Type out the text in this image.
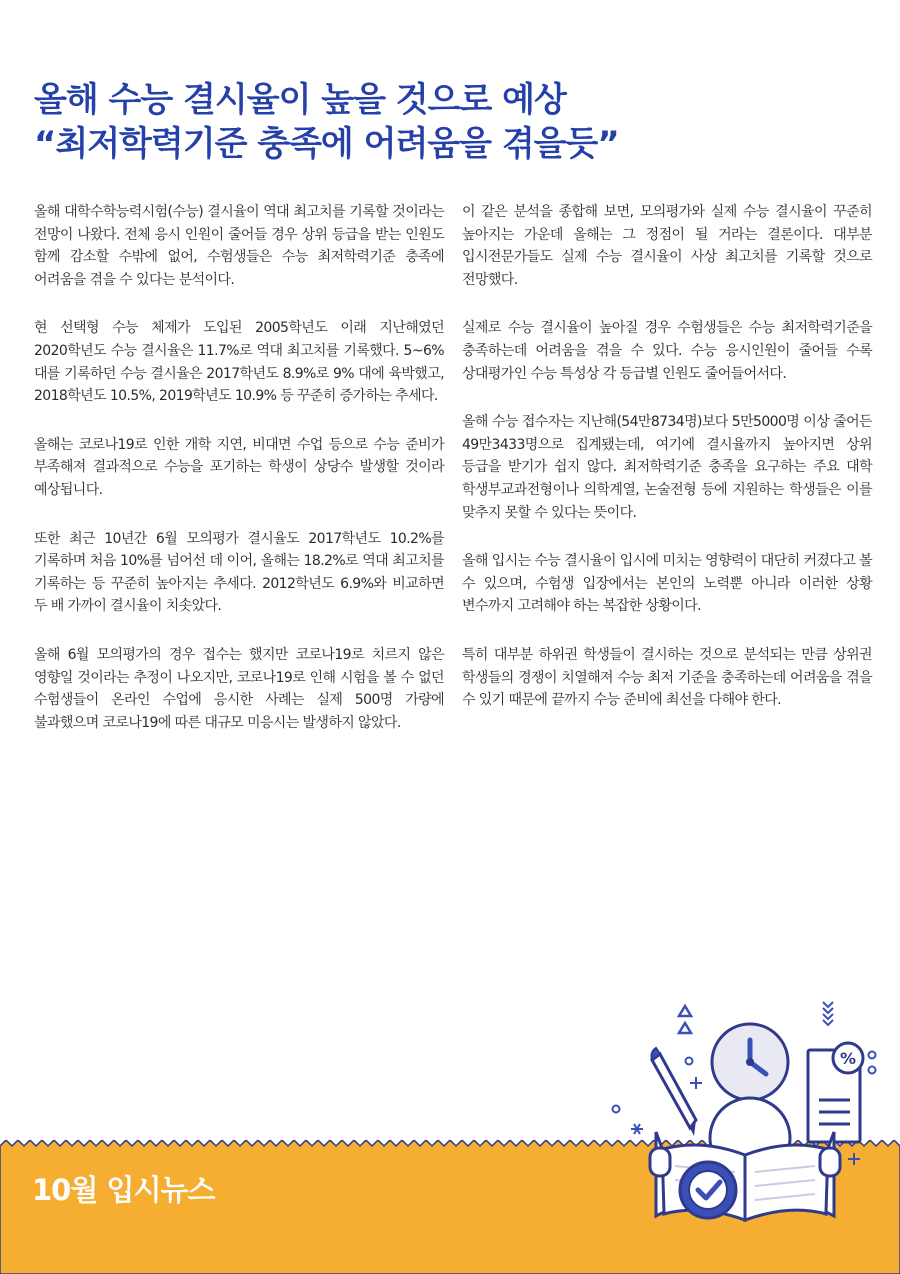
올해 수능 결시율이 높을 것으로 예상
“최저학력기준 충족에 어려움을 겪을듯”

올해 대학수학능력시험(수능) 결시율이 역대 최고치를 기록할 것이라는 전망이 나왔다. 전체 응시 인원이 줄어들 경우 상위 등급을 받는 인원도 함께 감소할 수밖에 없어, 수험생들은 수능 최저학력기준 충족에 어려움을 겪을 수 있다는 분석이다.

현 선택형 수능 체제가 도입된 2005학년도 이래 지난해였던 2020학년도 수능 결시율은 11.7%로 역대 최고치를 기록했다. 5~6% 대를 기록하던 수능 결시율은 2017학년도 8.9%로 9% 대에 육박했고, 2018학년도 10.5%, 2019학년도 10.9% 등 꾸준히 증가하는 추세다.

올해는 코로나19로 인한 개학 지연, 비대면 수업 등으로 수능 준비가 부족해져 결과적으로 수능을 포기하는 학생이 상당수 발생할 것이라 예상됩니다.

또한 최근 10년간 6월 모의평가 결시율도 2017학년도 10.2%를 기록하며 처음 10%를 넘어선 데 이어, 올해는 18.2%로 역대 최고치를 기록하는 등 꾸준히 높아지는 추세다. 2012학년도 6.9%와 비교하면 두 배 가까이 결시율이 치솟았다.

올해 6월 모의평가의 경우 접수는 했지만 코로나19로 치르지 않은 영향일 것이라는 추정이 나오지만, 코로나19로 인해 시험을 볼 수 없던 수험생들이 온라인 수업에 응시한 사례는 실제 500명 가량에 불과했으며 코로나19에 따른 대규모 미응시는 발생하지 않았다.

이 같은 분석을 종합해 보면, 모의평가와 실제 수능 결시율이 꾸준히 높아지는 가운데 올해는 그 정점이 될 거라는 결론이다. 대부분 입시전문가들도 실제 수능 결시율이 사상 최고치를 기록할 것으로 전망했다.

실제로 수능 결시율이 높아질 경우 수험생들은 수능 최저학력기준을 충족하는데 어려움을 겪을 수 있다. 수능 응시인원이 줄어들 수록 상대평가인 수능 특성상 각 등급별 인원도 줄어들어서다.

올해 수능 접수자는 지난해(54만8734명)보다 5만5000명 이상 줄어든 49만3433명으로 집계됐는데, 여기에 결시율까지 높아지면 상위 등급을 받기가 쉽지 않다. 최저학력기준 충족을 요구하는 주요 대학 학생부교과전형이나 의학계열, 논술전형 등에 지원하는 학생들은 이를 맞추지 못할 수 있다는 뜻이다.

올해 입시는 수능 결시율이 입시에 미치는 영향력이 대단히 커졌다고 볼 수 있으며, 수험생 입장에서는 본인의 노력뿐 아니라 이러한 상황 변수까지 고려해야 하는 복잡한 상황이다.

특히 대부분 하위권 학생들이 결시하는 것으로 분석되는 만큼 상위권 학생들의 경쟁이 치열해져 수능 최저 기준을 충족하는데 어려움을 겪을 수 있기 때문에 끝까지 수능 준비에 최선을 다해야 한다.

10월 입시뉴스
%
